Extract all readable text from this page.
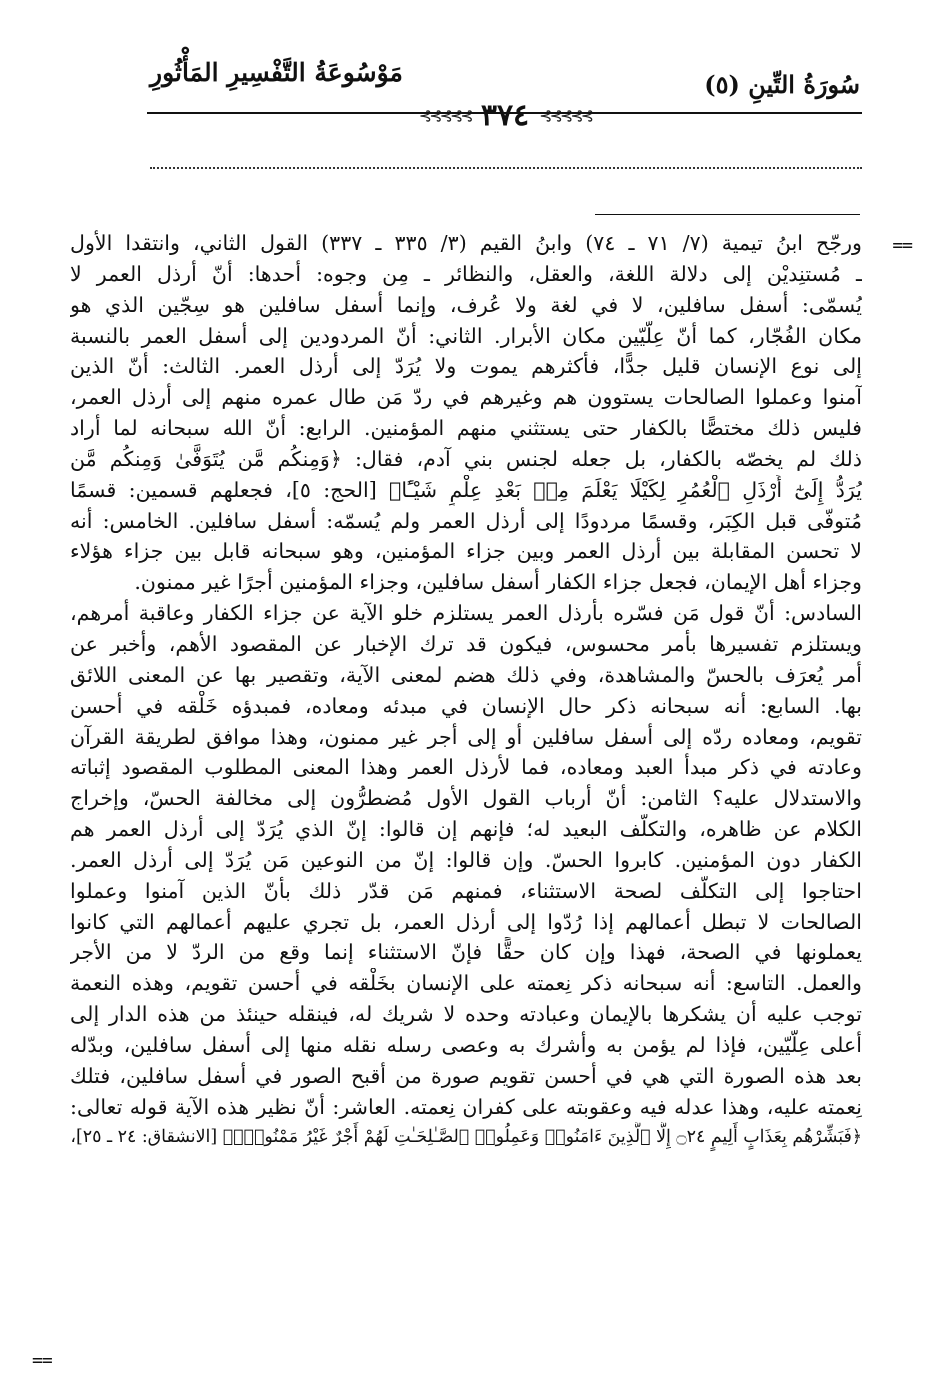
سُورَةُ التِّينِ (٥)
مَوْسُوعَةُ التَّفْسِيرِ المَأْثُورِ
⊰⊰⊰⊰⊰ ٣٧٤ ⊰⊰⊰⊰⊰
==
==
ورجّح ابنُ تيمية (٧/ ٧١ ـ ٧٤) وابنُ القيم (٣/ ٣٣٥ ـ ٣٣٧) القول الثاني، وانتقدا الأول
ـ مُستنِديْن إلى دلالة اللغة، والعقل، والنظائر ـ مِن وجوه: أحدها: أنّ أرذل العمر لا
يُسمّى: أسفل سافلين، لا في لغة ولا عُرف، وإنما أسفل سافلين هو سِجّين الذي هو
مكان الفُجّار، كما أنّ عِلّيّين مكان الأبرار. الثاني: أنّ المردودين إلى أسفل العمر بالنسبة
إلى نوع الإنسان قليل جدًّا، فأكثرهم يموت ولا يُرَدّ إلى أرذل العمر. الثالث: أنّ الذين
آمنوا وعملوا الصالحات يستوون هم وغيرهم في ردّ مَن طال عمره منهم إلى أرذل العمر،
فليس ذلك مختصًّا بالكفار حتى يستثني منهم المؤمنين. الرابع: أنّ الله سبحانه لما أراد
ذلك لم يخصّه بالكفار، بل جعله لجنس بني آدم، فقال: ﴿وَمِنكُم مَّن يُتَوَفَّىٰ وَمِنكُم مَّن
يُرَدُّ إِلَىٰٓ أَرْذَلِ ٱلْعُمُرِ لِكَيْلَا يَعْلَمَ مِنۢ بَعْدِ عِلْمٍ شَيْـًٔا﴾ [الحج: ٥]، فجعلهم قسمين: قسمًا
مُتوفّى قبل الكِبَر، وقسمًا مردودًا إلى أرذل العمر ولم يُسمّه: أسفل سافلين. الخامس: أنه
لا تحسن المقابلة بين أرذل العمر وبين جزاء المؤمنين، وهو سبحانه قابل بين جزاء هؤلاء
وجزاء أهل الإيمان، فجعل جزاء الكفار أسفل سافلين، وجزاء المؤمنين أجرًا غير ممنون.
السادس: أنّ قول مَن فسّره بأرذل العمر يستلزم خلو الآية عن جزاء الكفار وعاقبة أمرهم،
ويستلزم تفسيرها بأمر محسوس، فيكون قد ترك الإخبار عن المقصود الأهم، وأخبر عن
أمر يُعرَف بالحسّ والمشاهدة، وفي ذلك هضم لمعنى الآية، وتقصير بها عن المعنى اللائق
بها. السابع: أنه سبحانه ذكر حال الإنسان في مبدئه ومعاده، فمبدؤه خَلْقه في أحسن
تقويم، ومعاده ردّه إلى أسفل سافلين أو إلى أجر غير ممنون، وهذا موافق لطريقة القرآن
وعادته في ذكر مبدأ العبد ومعاده، فما لأرذل العمر وهذا المعنى المطلوب المقصود إثباته
والاستدلال عليه؟ الثامن: أنّ أرباب القول الأول مُضطرُّون إلى مخالفة الحسّ، وإخراج
الكلام عن ظاهره، والتكلّف البعيد له؛ فإنهم إن قالوا: إنّ الذي يُرَدّ إلى أرذل العمر هم
الكفار دون المؤمنين. كابروا الحسّ. وإن قالوا: إنّ من النوعين مَن يُرَدّ إلى أرذل العمر.
احتاجوا إلى التكلّف لصحة الاستثناء، فمنهم مَن قدّر ذلك بأنّ الذين آمنوا وعملوا
الصالحات لا تبطل أعمالهم إذا رُدّوا إلى أرذل العمر، بل تجري عليهم أعمالهم التي كانوا
يعملونها في الصحة، فهذا وإن كان حقًّا فإنّ الاستثناء إنما وقع من الردّ لا من الأجر
والعمل. التاسع: أنه سبحانه ذكر نِعمته على الإنسان بخَلْقه في أحسن تقويم، وهذه النعمة
توجب عليه أن يشكرها بالإيمان وعبادته وحده لا شريك له، فينقله حينئذ من هذه الدار إلى
أعلى عِلّيّين، فإذا لم يؤمن به وأشرك به وعصى رسله نقله منها إلى أسفل سافلين، وبدّله
بعد هذه الصورة التي هي في أحسن تقويم صورة من أقبح الصور في أسفل سافلين، فتلك
نِعمته عليه، وهذا عدله فيه وعقوبته على كفران نِعمته. العاشر: أنّ نظير هذه الآية قوله تعالى:
﴿فَبَشِّرْهُم بِعَذَابٍ أَلِيمٍ ۝٢٤ إِلَّا ٱلَّذِينَ ءَامَنُوا۟ وَعَمِلُوا۟ ٱلصَّـٰلِحَـٰتِ لَهُمْ أَجْرٌ غَيْرُ مَمْنُونٍۭ﴾ [الانشقاق: ٢٤ ـ ٢٥]،
